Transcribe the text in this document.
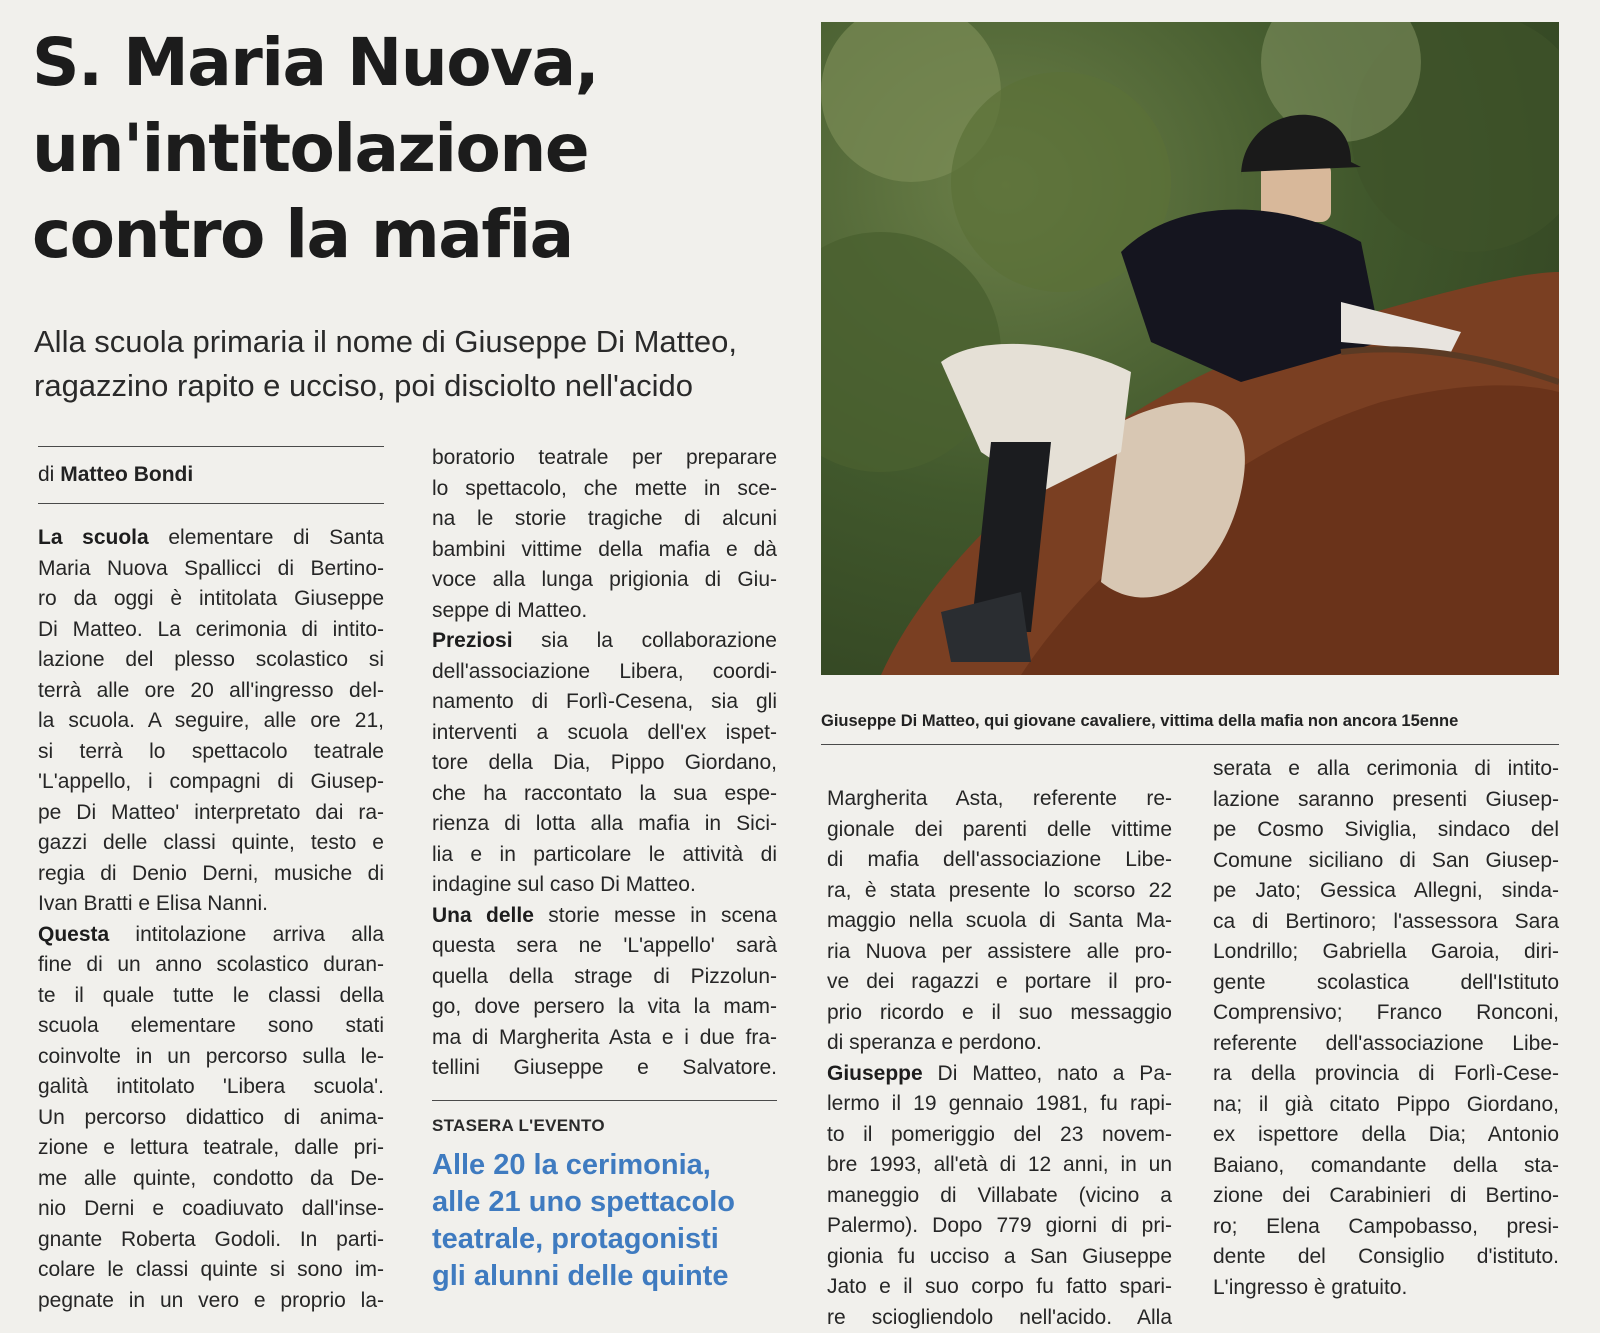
S. Maria Nuova,
un'intitolazione
contro la mafia
Alla scuola primaria il nome di Giuseppe Di Matteo,
ragazzino rapito e ucciso, poi disciolto nell'acido
di Matteo Bondi
La scuola elementare di Santa
Maria Nuova Spallicci di Bertino-
ro da oggi è intitolata Giuseppe
Di Matteo. La cerimonia di intito-
lazione del plesso scolastico si
terrà alle ore 20 all'ingresso del-
la scuola. A seguire, alle ore 21,
si terrà lo spettacolo teatrale
'L'appello, i compagni di Giusep-
pe Di Matteo' interpretato dai ra-
gazzi delle classi quinte, testo e
regia di Denio Derni, musiche di
Ivan Bratti e Elisa Nanni.
Questa intitolazione arriva alla
fine di un anno scolastico duran-
te il quale tutte le classi della
scuola elementare sono stati
coinvolte in un percorso sulla le-
galità intitolato 'Libera scuola'.
Un percorso didattico di anima-
zione e lettura teatrale, dalle pri-
me alle quinte, condotto da De-
nio Derni e coadiuvato dall'inse-
gnante Roberta Godoli. In parti-
colare le classi quinte si sono im-
pegnate in un vero e proprio la-
boratorio teatrale per preparare
lo spettacolo, che mette in sce-
na le storie tragiche di alcuni
bambini vittime della mafia e dà
voce alla lunga prigionia di Giu-
seppe di Matteo.
Preziosi sia la collaborazione
dell'associazione Libera, coordi-
namento di Forlì-Cesena, sia gli
interventi a scuola dell'ex ispet-
tore della Dia, Pippo Giordano,
che ha raccontato la sua espe-
rienza di lotta alla mafia in Sici-
lia e in particolare le attività di
indagine sul caso Di Matteo.
Una delle storie messe in scena
questa sera ne 'L'appello' sarà
quella della strage di Pizzolun-
go, dove persero la vita la mam-
ma di Margherita Asta e i due fra-
tellini Giuseppe e Salvatore.
STASERA L'EVENTO
Alle 20 la cerimonia,
alle 21 uno spettacolo
teatrale, protagonisti
gli alunni delle quinte
Giuseppe Di Matteo, qui giovane cavaliere, vittima della mafia non ancora 15enne
Margherita Asta, referente re-
gionale dei parenti delle vittime
di mafia dell'associazione Libe-
ra, è stata presente lo scorso 22
maggio nella scuola di Santa Ma-
ria Nuova per assistere alle pro-
ve dei ragazzi e portare il pro-
prio ricordo e il suo messaggio
di speranza e perdono.
Giuseppe Di Matteo, nato a Pa-
lermo il 19 gennaio 1981, fu rapi-
to il pomeriggio del 23 novem-
bre 1993, all'età di 12 anni, in un
maneggio di Villabate (vicino a
Palermo). Dopo 779 giorni di pri-
gionia fu ucciso a San Giuseppe
Jato e il suo corpo fu fatto spari-
re sciogliendolo nell'acido. Alla
serata e alla cerimonia di intito-
lazione saranno presenti Giusep-
pe Cosmo Siviglia, sindaco del
Comune siciliano di San Giusep-
pe Jato; Gessica Allegni, sinda-
ca di Bertinoro; l'assessora Sara
Londrillo; Gabriella Garoia, diri-
gente scolastica dell'Istituto
Comprensivo; Franco Ronconi,
referente dell'associazione Libe-
ra della provincia di Forlì-Cese-
na; il già citato Pippo Giordano,
ex ispettore della Dia; Antonio
Baiano, comandante della sta-
zione dei Carabinieri di Bertino-
ro; Elena Campobasso, presi-
dente del Consiglio d'istituto.
L'ingresso è gratuito.
